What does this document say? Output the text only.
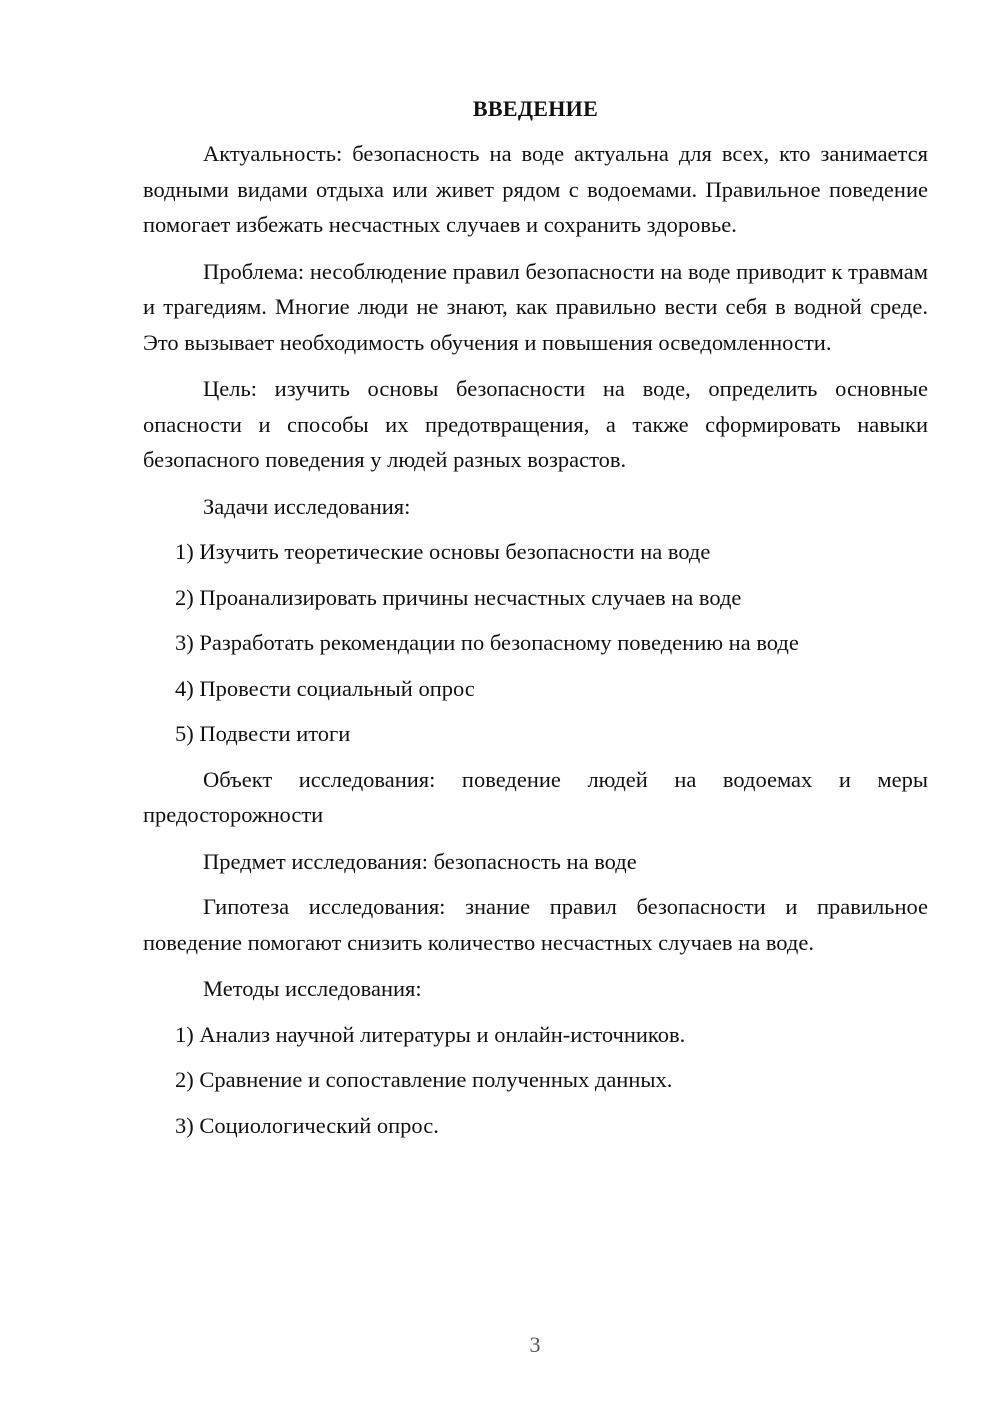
ВВЕДЕНИЕ

Актуальность: безопасность на воде актуальна для всех, кто занимается водными видами отдыха или живет рядом с водоемами. Правильное поведение помогает избежать несчастных случаев и сохранить здоровье.

Проблема: несоблюдение правил безопасности на воде приводит к травмам и трагедиям. Многие люди не знают, как правильно вести себя в водной среде. Это вызывает необходимость обучения и повышения осведомленности.

Цель: изучить основы безопасности на воде, определить основные опасности и способы их предотвращения, а также сформировать навыки безопасного поведения у людей разных возрастов.

Задачи исследования:

1) Изучить теоретические основы безопасности на воде
2) Проанализировать причины несчастных случаев на воде
3) Разработать рекомендации по безопасному поведению на воде
4) Провести социальный опрос
5) Подвести итоги

Объект исследования: поведение людей на водоемах и меры предосторожности

Предмет исследования: безопасность на воде

Гипотеза исследования: знание правил безопасности и правильное поведение помогают снизить количество несчастных случаев на воде.

Методы исследования:

1) Анализ научной литературы и онлайн-источников.
2) Сравнение и сопоставление полученных данных.
3) Социологический опрос.
3
